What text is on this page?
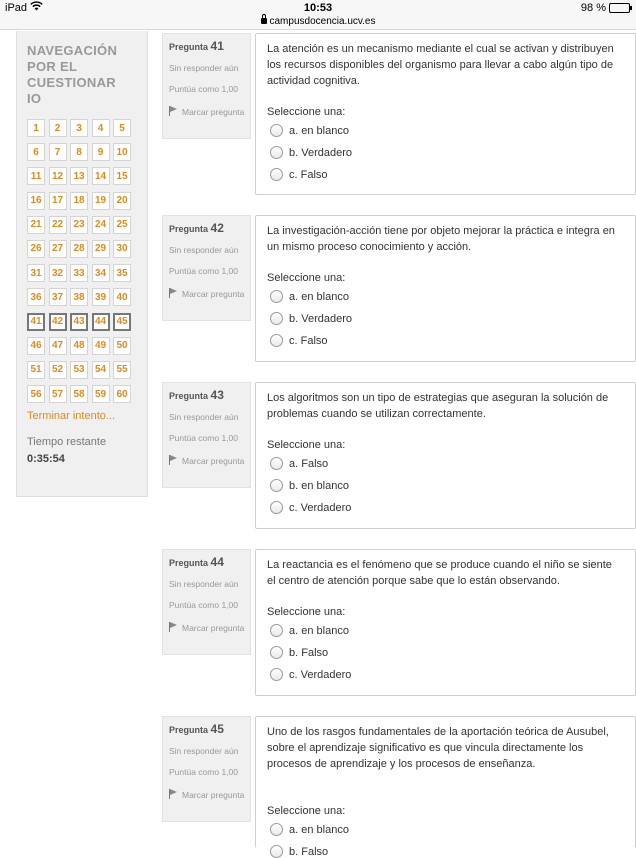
iPad	10:53	98 %
campusdocencia.ucv.es
NAVEGACIÓN
POR EL
CUESTIONAR
IO
1	2	3	4	5
6	7	8	9	10
11	12	13	14	15
16	17	18	19	20
21	22	23	24	25
26	27	28	29	30
31	32	33	34	35
36	37	38	39	40
41	42	43	44	45
46	47	48	49	50
51	52	53	54	55
56	57	58	59	60
Terminar intento...
Tiempo restante
0:35:54
Pregunta 41
Sin responder aún
Puntúa como 1,00
Marcar pregunta
La atención es un mecanismo mediante el cual se activan y distribuyen los recursos disponibles del organismo para llevar a cabo algún tipo de actividad cognitiva.
Seleccione una:
a. en blanco
b. Verdadero
c. Falso
Pregunta 42
Sin responder aún
Puntúa como 1,00
Marcar pregunta
La investigación-acción tiene por objeto mejorar la práctica e integra en un mismo proceso conocimiento y acción.
Seleccione una:
a. en blanco
b. Verdadero
c. Falso
Pregunta 43
Sin responder aún
Puntúa como 1,00
Marcar pregunta
Los algoritmos son un tipo de estrategias que aseguran la solución de problemas cuando se utilizan correctamente.
Seleccione una:
a. Falso
b. en blanco
c. Verdadero
Pregunta 44
Sin responder aún
Puntúa como 1,00
Marcar pregunta
La reactancia es el fenómeno que se produce cuando el niño se siente el centro de atención porque sabe que lo están observando.
Seleccione una:
a. en blanco
b. Falso
c. Verdadero
Pregunta 45
Sin responder aún
Puntúa como 1,00
Marcar pregunta
Uno de los rasgos fundamentales de la aportación teórica de Ausubel, sobre el aprendizaje significativo es que vincula directamente los procesos de aprendizaje y los procesos de enseñanza.
Seleccione una:
a. en blanco
b. Falso
